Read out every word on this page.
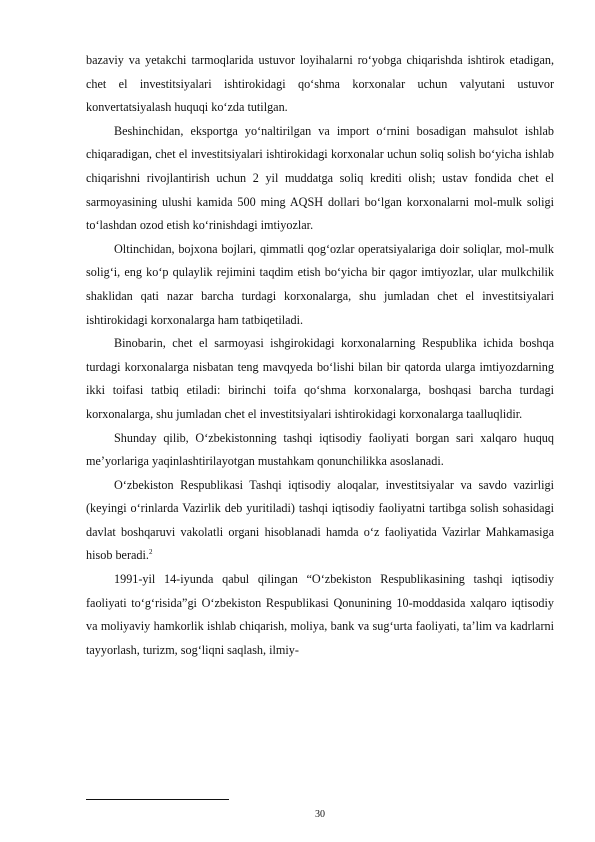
bazaviy va yetakchi tarmoqlarida ustuvor loyihalarni ro‘yobga chiqarishda ishtirok etadigan, chet el investitsiyalari ishtirokidagi qo‘shma korxonalar uchun valyutani ustuvor konvertatsiyalash huquqi ko‘zda tutilgan.

Beshinchidan, eksportga yo‘naltirilgan va import o‘rnini bosadigan mahsulot ishlab chiqaradigan, chet el investitsiyalari ishtirokidagi korxonalar uchun soliq solish bo‘yicha ishlab chiqarishni rivojlantirish uchun 2 yil muddatga soliq krediti olish; ustav fondida chet el sarmoyasining ulushi kamida 500 ming AQSH dollari bo‘lgan korxonalarni mol-mulk soligi to‘lashdan ozod etish ko‘rinishdagi imtiyozlar.

Oltinchidan, bojxona bojlari, qimmatli qog‘ozlar operatsiyalariga doir soliqlar, mol-mulk solig‘i, eng ko‘p qulaylik rejimini taqdim etish bo‘yicha bir qagor imtiyozlar, ular mulkchilik shaklidan qati nazar barcha turdagi korxonalarga, shu jumladan chet el investitsiyalari ishtirokidagi korxonalarga ham tatbiqetiladi.

Binobarin, chet el sarmoyasi ishgirokidagi korxonalarning Respublika ichida boshqa turdagi korxonalarga nisbatan teng mavqyeda bo‘lishi bilan bir qatorda ularga imtiyozdarning ikki toifasi tatbiq etiladi: birinchi toifa qo‘shma korxonalarga, boshqasi barcha turdagi korxonalarga, shu jumladan chet el investitsiyalari ishtirokidagi korxonalarga taalluqlidir.

Shunday qilib, O‘zbekistonning tashqi iqtisodiy faoliyati borgan sari xalqaro huquq me’yorlariga yaqinlashtirilayotgan mustahkam qonunchilikka asoslanadi.

O‘zbekiston Respublikasi Tashqi iqtisodiy aloqalar, investitsiyalar va savdo vazirligi (keyingi o‘rinlarda Vazirlik deb yuritiladi) tashqi iqtisodiy faoliyatni tartibga solish sohasidagi davlat boshqaruvi vakolatli organi hisoblanadi hamda o‘z faoliyatida Vazirlar Mahkamasiga hisob beradi.$^2$

1991-yil 14-iyunda qabul qilingan “O‘zbekiston Respublikasining tashqi iqtisodiy faoliyati to‘g‘risida”gi O‘zbekiston Respublikasi Qonunining 10-moddasida xalqaro iqtisodiy va moliyaviy hamkorlik ishlab chiqarish, moliya, bank va sug‘urta faoliyati, ta’lim va kadrlarni tayyorlash, turizm, sog‘liqni saqlash, ilmiy-

30
